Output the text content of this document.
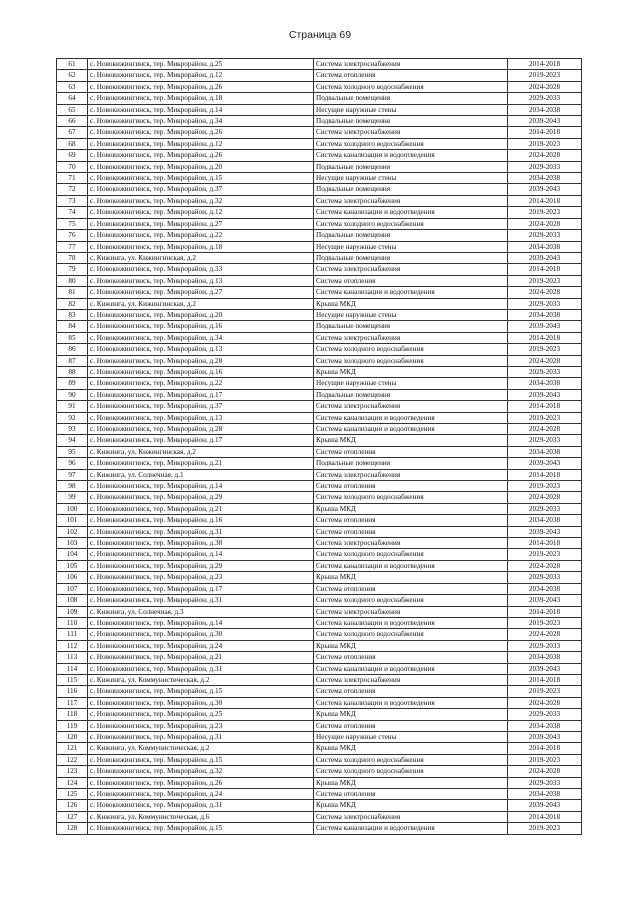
Страница 69
61	с. Новокижингинск, тер. Микрорайон, д.25	Система электроснабжения	2014-2018
62	с. Новокижингинск, тер. Микрорайон, д.12	Система отопления	2019-2023
63	с. Новокижингинск, тер. Микрорайон, д.26	Система холодного водоснабжения	2024-2028
64	с. Новокижингинск, тер. Микрорайон, д.18	Подвальные помещения	2029-2033
65	с. Новокижингинск, тер. Микрорайон, д.14	Несущие наружные стены	2034-2038
66	с. Новокижингинск, тер. Микрорайон, д.34	Подвальные помещения	2039-2043
67	с. Новокижингинск, тер. Микрорайон, д.26	Система электроснабжения	2014-2018
68	с. Новокижингинск, тер. Микрорайон, д.12	Система холодного водоснабжения	2019-2023
69	с. Новокижингинск, тер. Микрорайон, д.26	Система канализации и водоотведения	2024-2028
70	с. Новокижингинск, тер. Микрорайон, д.20	Подвальные помещения	2029-2033
71	с. Новокижингинск, тер. Микрорайон, д.15	Несущие наружные стены	2034-2038
72	с. Новокижингинск, тер. Микрорайон, д.37	Подвальные помещения	2039-2043
73	с. Новокижингинск, тер. Микрорайон, д.32	Система электроснабжения	2014-2018
74	с. Новокижингинск, тер. Микрорайон, д.12	Система канализации и водоотведения	2019-2023
75	с. Новокижингинск, тер. Микрорайон, д.27	Система холодного водоснабжения	2024-2028
76	с. Новокижингинск, тер. Микрорайон, д.22	Подвальные помещения	2029-2033
77	с. Новокижингинск, тер. Микрорайон, д.18	Несущие наружные стены	2034-2038
78	с. Кижинга, ул. Кижингинская, д.2	Подвальные помещения	2039-2043
79	с. Новокижингинск, тер. Микрорайон, д.33	Система электроснабжения	2014-2018
80	с. Новокижингинск, тер. Микрорайон, д.13	Система отопления	2019-2023
81	с. Новокижингинск, тер. Микрорайон, д.27	Система канализации и водоотведения	2024-2028
82	с. Кижинга, ул. Кижингинская, д.2	Крыша МКД	2029-2033
83	с. Новокижингинск, тер. Микрорайон, д.20	Несущие наружные стены	2034-2038
84	с. Новокижингинск, тер. Микрорайон, д.16	Подвальные помещения	2039-2043
85	с. Новокижингинск, тер. Микрорайон, д.34	Система электроснабжения	2014-2018
86	с. Новокижингинск, тер. Микрорайон, д.13	Система холодного водоснабжения	2019-2023
87	с. Новокижингинск, тер. Микрорайон, д.28	Система холодного водоснабжения	2024-2028
88	с. Новокижингинск, тер. Микрорайон, д.16	Крыша МКД	2029-2033
89	с. Новокижингинск, тер. Микрорайон, д.22	Несущие наружные стены	2034-2038
90	с. Новокижингинск, тер. Микрорайон, д.17	Подвальные помещения	2039-2043
91	с. Новокижингинск, тер. Микрорайон, д.37	Система электроснабжения	2014-2018
92	с. Новокижингинск, тер. Микрорайон, д.13	Система канализации и водоотведения	2019-2023
93	с. Новокижингинск, тер. Микрорайон, д.28	Система канализации и водоотведения	2024-2028
94	с. Новокижингинск, тер. Микрорайон, д.17	Крыша МКД	2029-2033
95	с. Кижинга, ул. Кижингинская, д.2	Система отопления	2034-2038
96	с. Новокижингинск, тер. Микрорайон, д.21	Подвальные помещения	2039-2043
97	с. Кижинга, ул. Солнечная, д.1	Система электроснабжения	2014-2018
98	с. Новокижингинск, тер. Микрорайон, д.14	Система отопления	2019-2023
99	с. Новокижингинск, тер. Микрорайон, д.29	Система холодного водоснабжения	2024-2028
100	с. Новокижингинск, тер. Микрорайон, д.21	Крыша МКД	2029-2033
101	с. Новокижингинск, тер. Микрорайон, д.16	Система отопления	2034-2038
102	с. Новокижингинск, тер. Микрорайон, д.31	Система отопления	2039-2043
103	с. Новокижингинск, тер. Микрорайон, д.38	Система электроснабжения	2014-2018
104	с. Новокижингинск, тер. Микрорайон, д.14	Система холодного водоснабжения	2019-2023
105	с. Новокижингинск, тер. Микрорайон, д.29	Система канализации и водоотведения	2024-2028
106	с. Новокижингинск, тер. Микрорайон, д.23	Крыша МКД	2029-2033
107	с. Новокижингинск, тер. Микрорайон, д.17	Система отопления	2034-2038
108	с. Новокижингинск, тер. Микрорайон, д.31	Система холодного водоснабжения	2039-2043
109	с. Кижинга, ул. Солнечная, д.3	Система электроснабжения	2014-2018
110	с. Новокижингинск, тер. Микрорайон, д.14	Система канализации и водоотведения	2019-2023
111	с. Новокижингинск, тер. Микрорайон, д.30	Система холодного водоснабжения	2024-2028
112	с. Новокижингинск, тер. Микрорайон, д.24	Крыша МКД	2029-2033
113	с. Новокижингинск, тер. Микрорайон, д.21	Система отопления	2034-2038
114	с. Новокижингинск, тер. Микрорайон, д.31	Система канализации и водоотведения	2039-2043
115	с. Кижинга, ул. Коммунистическая, д.2	Система электроснабжения	2014-2018
116	с. Новокижингинск, тер. Микрорайон, д.15	Система отопления	2019-2023
117	с. Новокижингинск, тер. Микрорайон, д.30	Система канализации и водоотведения	2024-2028
118	с. Новокижингинск, тер. Микрорайон, д.25	Крыша МКД	2029-2033
119	с. Новокижингинск, тер. Микрорайон, д.23	Система отопления	2034-2038
120	с. Новокижингинск, тер. Микрорайон, д.31	Несущие наружные стены	2039-2043
121	с. Кижинга, ул. Коммунистическая, д.2	Крыша МКД	2014-2018
122	с. Новокижингинск, тер. Микрорайон, д.15	Система холодного водоснабжения	2019-2023
123	с. Новокижингинск, тер. Микрорайон, д.32	Система холодного водоснабжения	2024-2028
124	с. Новокижингинск, тер. Микрорайон, д.26	Крыша МКД	2029-2033
125	с. Новокижингинск, тер. Микрорайон, д.24	Система отопления	2034-2038
126	с. Новокижингинск, тер. Микрорайон, д.31	Крыша МКД	2039-2043
127	с. Кижинга, ул. Коммунистическая, д.6	Система электроснабжения	2014-2018
128	с. Новокижингинск, тер. Микрорайон, д.15	Система канализации и водоотведения	2019-2023
